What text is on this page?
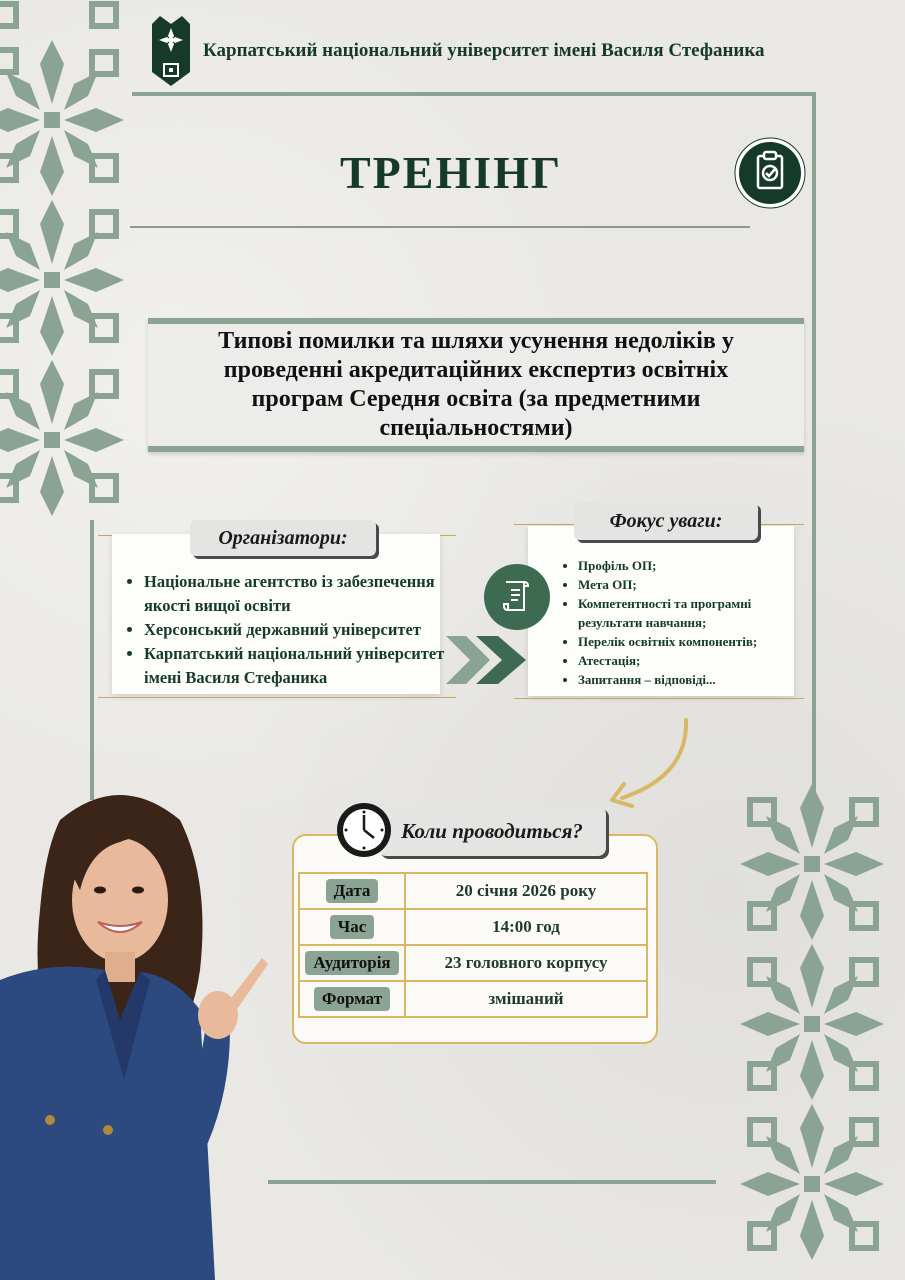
Карпатський національний університет імені Василя Стефаника
ТРЕНІНГ
Типові помилки та шляхи усунення недоліків у проведенні акредитаційних експертиз освітніх програм Середня освіта (за предметними спеціальностями)
Організатори:
• Національне агентство із забезпечення якості вищої освіти
• Херсонський державний університет
• Карпатський національний університет імені Василя Стефаника
Фокус уваги:
• Профіль ОП;
• Мета ОП;
• Компетентності та програмні результати навчання;
• Перелік освітніх компонентів;
• Атестація;
• Запитання – відповіді...
Коли проводиться?
Дата	20 січня 2026 року
Час	14:00 год
Аудиторія	23 головного корпусу
Формат	змішаний
